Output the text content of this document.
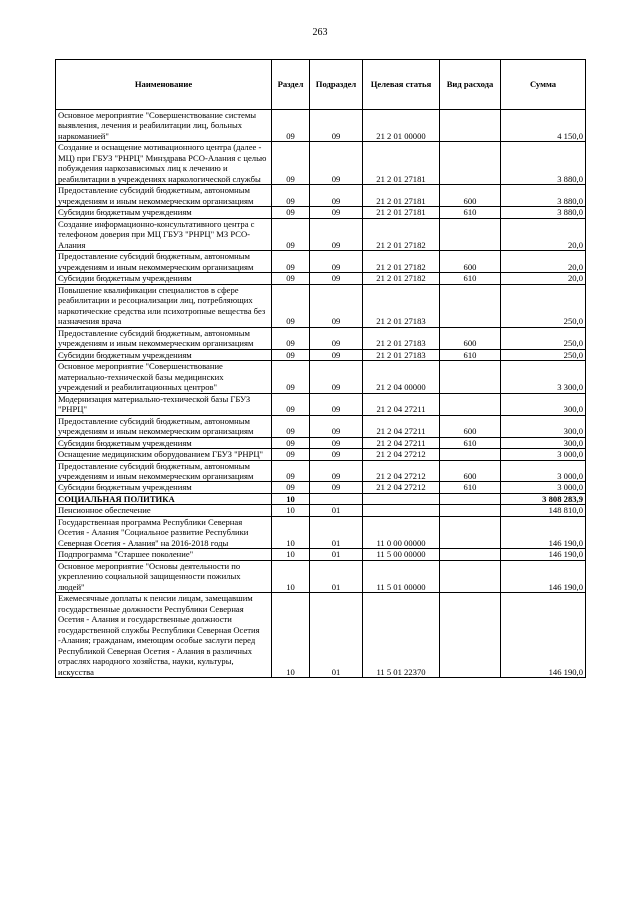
263
Наименование	Раздел	Подраздел	Целевая статья	Вид расхода	Сумма
Основное мероприятие "Совершенствование системы выявления, лечения и реабилитации лиц, больных наркоманией"	09	09	21 2 01 00000		4 150,0
Создание и оснащение мотивационного центра (далее - МЦ) при ГБУЗ "РНРЦ" Минздрава РСО-Алания с целью побуждения наркозависимых лиц к лечению и реабилитации в учреждениях наркологической службы	09	09	21 2 01 27181		3 880,0
Предоставление субсидий бюджетным, автономным учреждениям и иным некоммерческим организациям	09	09	21 2 01 27181	600	3 880,0
Субсидии бюджетным учреждениям	09	09	21 2 01 27181	610	3 880,0
Создание информационно-консультативного центра с телефоном доверия при МЦ ГБУЗ "РНРЦ" МЗ РСО-Алания	09	09	21 2 01 27182		20,0
Предоставление субсидий бюджетным, автономным учреждениям и иным некоммерческим организациям	09	09	21 2 01 27182	600	20,0
Субсидии бюджетным учреждениям	09	09	21 2 01 27182	610	20,0
Повышение квалификации специалистов в сфере реабилитации и ресоциализации лиц, потребляющих наркотические средства или психотропные вещества без назначения врача	09	09	21 2 01 27183		250,0
Предоставление субсидий бюджетным, автономным учреждениям и иным некоммерческим организациям	09	09	21 2 01 27183	600	250,0
Субсидии бюджетным учреждениям	09	09	21 2 01 27183	610	250,0
Основное мероприятие "Совершенствование материально-технической базы медицинских учреждений и реабилитационных центров"	09	09	21 2 04 00000		3 300,0
Модернизация материально-технической базы ГБУЗ "РНРЦ"	09	09	21 2 04 27211		300,0
Предоставление субсидий бюджетным, автономным учреждениям и иным некоммерческим организациям	09	09	21 2 04 27211	600	300,0
Субсидии бюджетным учреждениям	09	09	21 2 04 27211	610	300,0
Оснащение медицинским оборудованием ГБУЗ "РНРЦ"	09	09	21 2 04 27212		3 000,0
Предоставление субсидий бюджетным, автономным учреждениям и иным некоммерческим организациям	09	09	21 2 04 27212	600	3 000,0
Субсидии бюджетным учреждениям	09	09	21 2 04 27212	610	3 000,0
СОЦИАЛЬНАЯ ПОЛИТИКА	10				3 808 283,9
Пенсионное обеспечение	10	01			148 810,0
Государственная программа Республики Северная Осетия - Алания "Социальное развитие Республики Северная Осетия - Алания" на 2016-2018 годы	10	01	11 0 00 00000		146 190,0
Подпрограмма "Старшее поколение"	10	01	11 5 00 00000		146 190,0
Основное мероприятие "Основы деятельности по укреплению социальной защищенности пожилых людей"	10	01	11 5 01 00000		146 190,0
Ежемесячные доплаты к пенсии лицам, замещавшим государственные должности Республики Северная Осетия - Алания и государственные должности государственной службы Республики Северная Осетия -Алания; гражданам, имеющим особые заслуги перед Республикой Северная Осетия - Алания в различных отраслях народного хозяйства, науки, культуры, искусства	10	01	11 5 01 22370		146 190,0
